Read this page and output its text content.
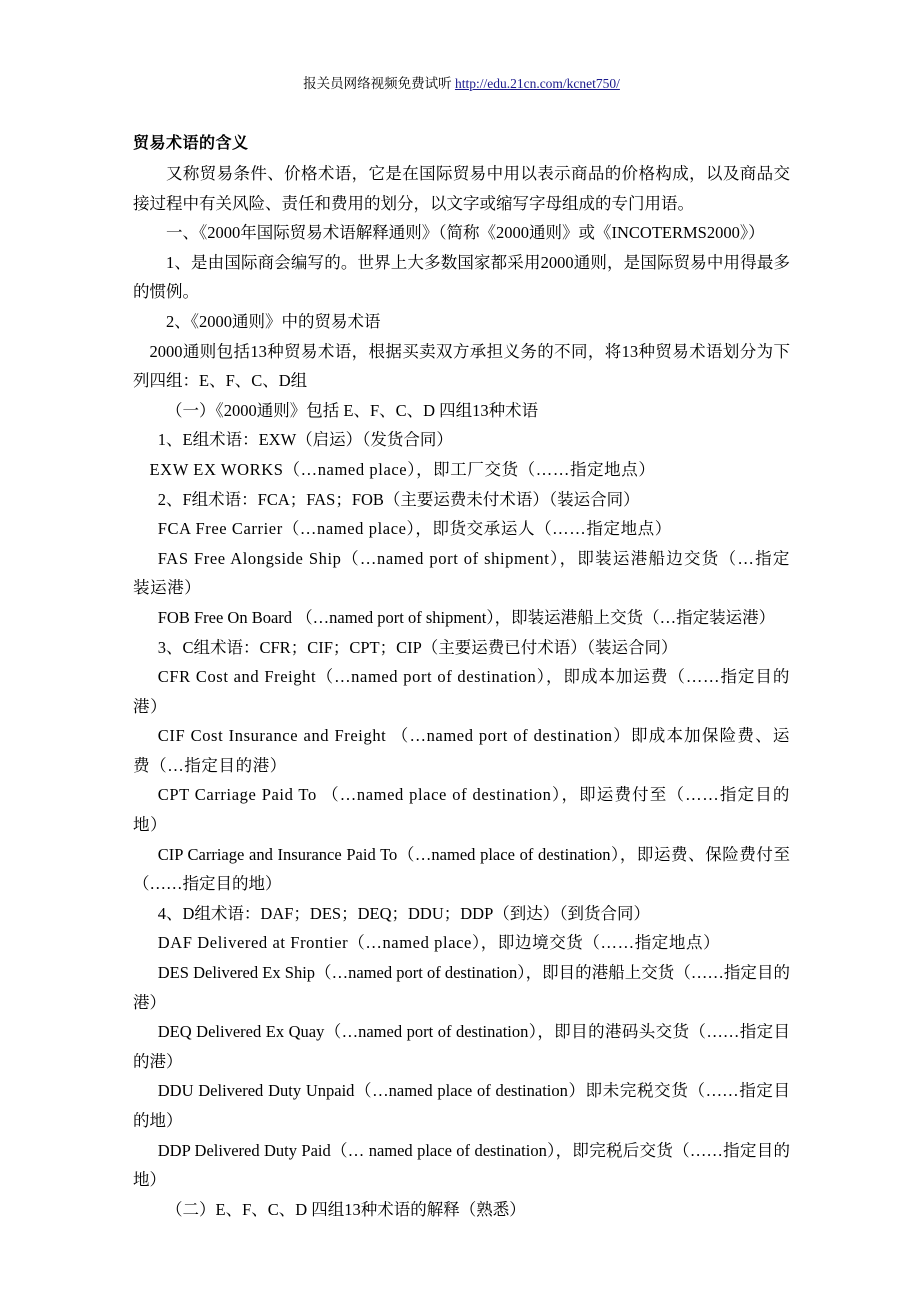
报关员网络视频免费试听 http://edu.21cn.com/kcnet750/
贸易术语的含义

又称贸易条件、价格术语，它是在国际贸易中用以表示商品的价格构成，以及商品交接过程中有关风险、责任和费用的划分，以文字或缩写字母组成的专门用语。

一、《2000年国际贸易术语解释通则》（简称《2000通则》或《INCOTERMS2000》）

1、是由国际商会编写的。世界上大多数国家都采用2000通则，是国际贸易中用得最多的惯例。

2、《2000通则》中的贸易术语

2000通则包括13种贸易术语，根据买卖双方承担义务的不同，将13种贸易术语划分为下列四组：E、F、C、D组

（一）《2000通则》包括 E、F、C、D 四组13种术语

1、E组术语：EXW（启运）（发货合同）

EXW EX WORKS（…named place），即工厂交货（……指定地点）

2、F组术语：FCA；FAS；FOB（主要运费未付术语）（装运合同）

FCA Free Carrier（…named place），即货交承运人（……指定地点）

FAS Free Alongside Ship（…named port of shipment），即装运港船边交货（…指定装运港）

FOB Free On Board （…named port of shipment），即装运港船上交货（…指定装运港）

3、C组术语：CFR；CIF；CPT；CIP（主要运费已付术语）（装运合同）

CFR Cost and Freight（…named port of destination），即成本加运费（……指定目的港）

CIF Cost Insurance and Freight （…named port of destination）即成本加保险费、运费（…指定目的港）

CPT Carriage Paid To （…named place of destination），即运费付至（……指定目的地）

CIP Carriage and Insurance Paid To（…named place of destination），即运费、保险费付至（……指定目的地）

4、D组术语：DAF；DES；DEQ；DDU；DDP（到达）（到货合同）

DAF Delivered at Frontier（…named place），即边境交货（……指定地点）

DES Delivered Ex Ship（…named port of destination），即目的港船上交货（……指定目的港）

DEQ Delivered Ex Quay（…named port of destination），即目的港码头交货（……指定目的港）

DDU Delivered Duty Unpaid（…named place of destination）即未完税交货（……指定目的地）

DDP Delivered Duty Paid（… named place of destination），即完税后交货（……指定目的地）

（二）E、F、C、D 四组13种术语的解释（熟悉）
